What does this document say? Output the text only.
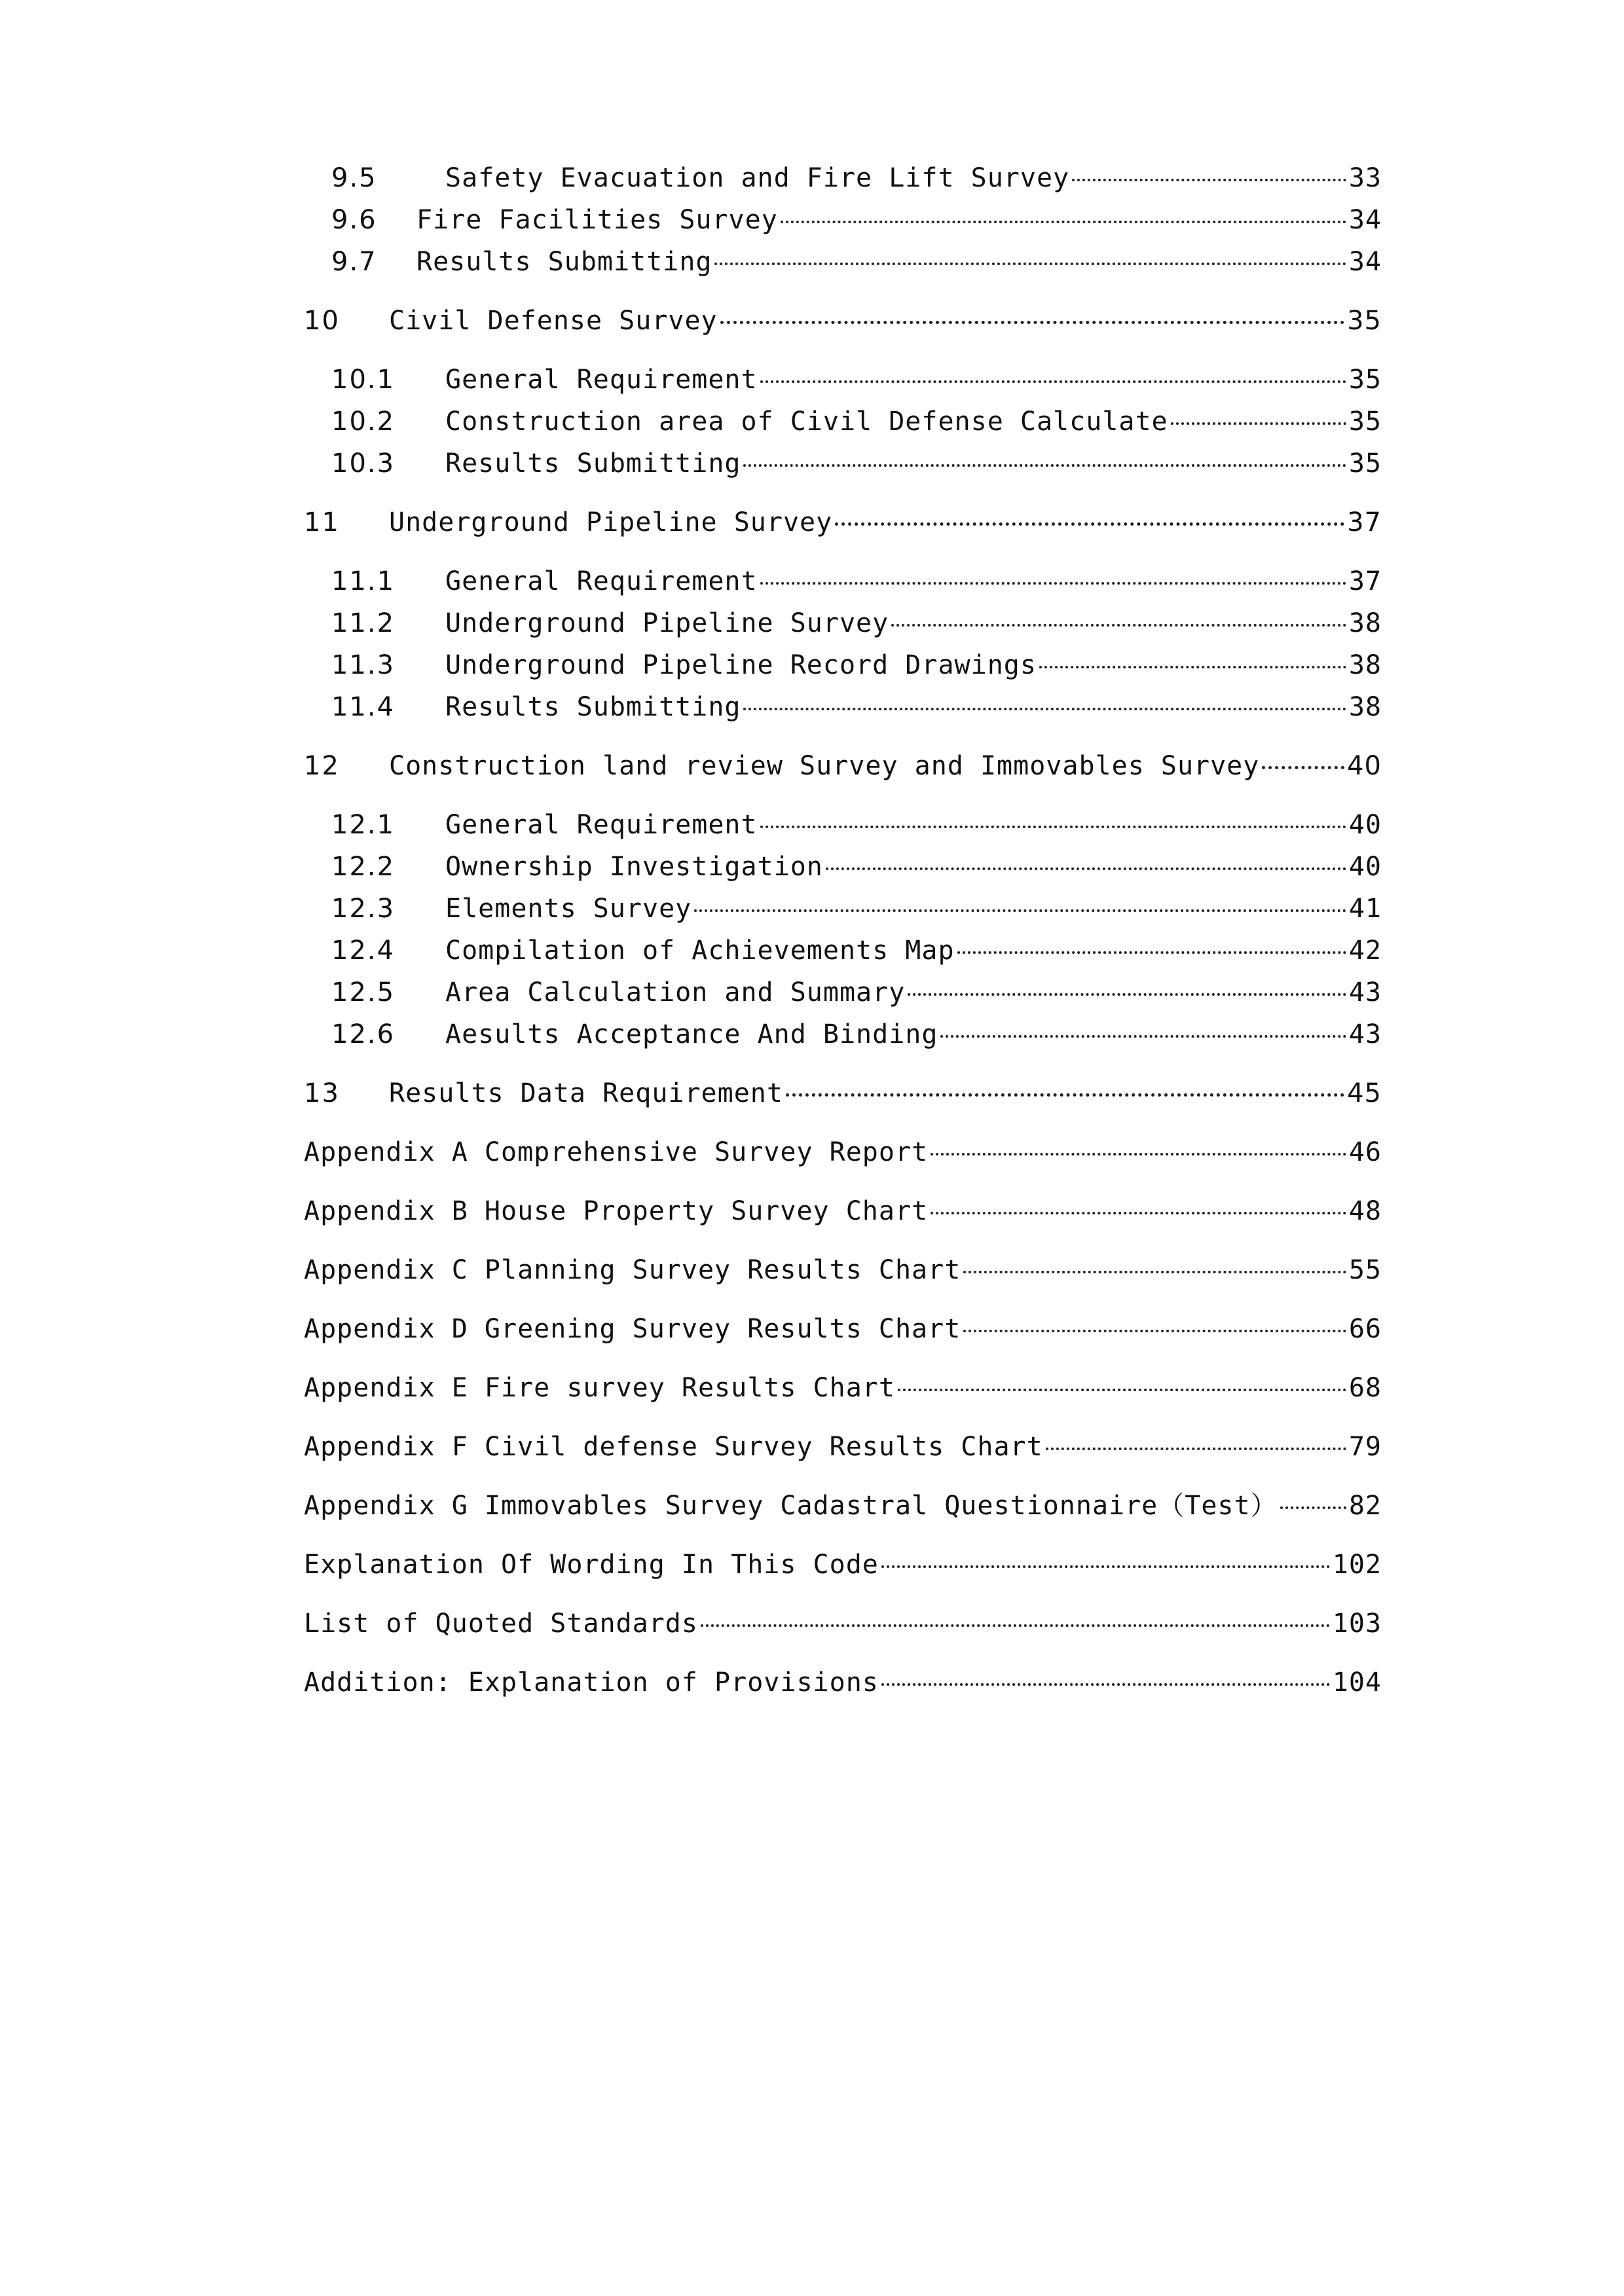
9.5	Safety Evacuation and Fire Lift Survey	33
9.6	Fire Facilities Survey	34
9.7	Results Submitting	34
10	Civil Defense Survey	35
10.1	General Requirement	35
10.2	Construction area of Civil Defense Calculate	35
10.3	Results Submitting	35
11	Underground Pipeline Survey	37
11.1	General Requirement	37
11.2	Underground Pipeline Survey	38
11.3	Underground Pipeline Record Drawings	38
11.4	Results Submitting	38
12	Construction land review Survey and Immovables Survey	40
12.1	General Requirement	40
12.2	Ownership Investigation	40
12.3	Elements Survey	41
12.4	Compilation of Achievements Map	42
12.5	Area Calculation and Summary	43
12.6	Aesults Acceptance And Binding	43
13	Results Data Requirement	45
Appendix A Comprehensive Survey Report	46
Appendix B House Property Survey Chart	48
Appendix C Planning Survey Results Chart	55
Appendix D Greening Survey Results Chart	66
Appendix E Fire survey Results Chart	68
Appendix F Civil defense Survey Results Chart	79
Appendix G Immovables Survey Cadastral Questionnaire（Test）	82
Explanation Of Wording In This Code	102
List of Quoted Standards	103
Addition: Explanation of Provisions	104
